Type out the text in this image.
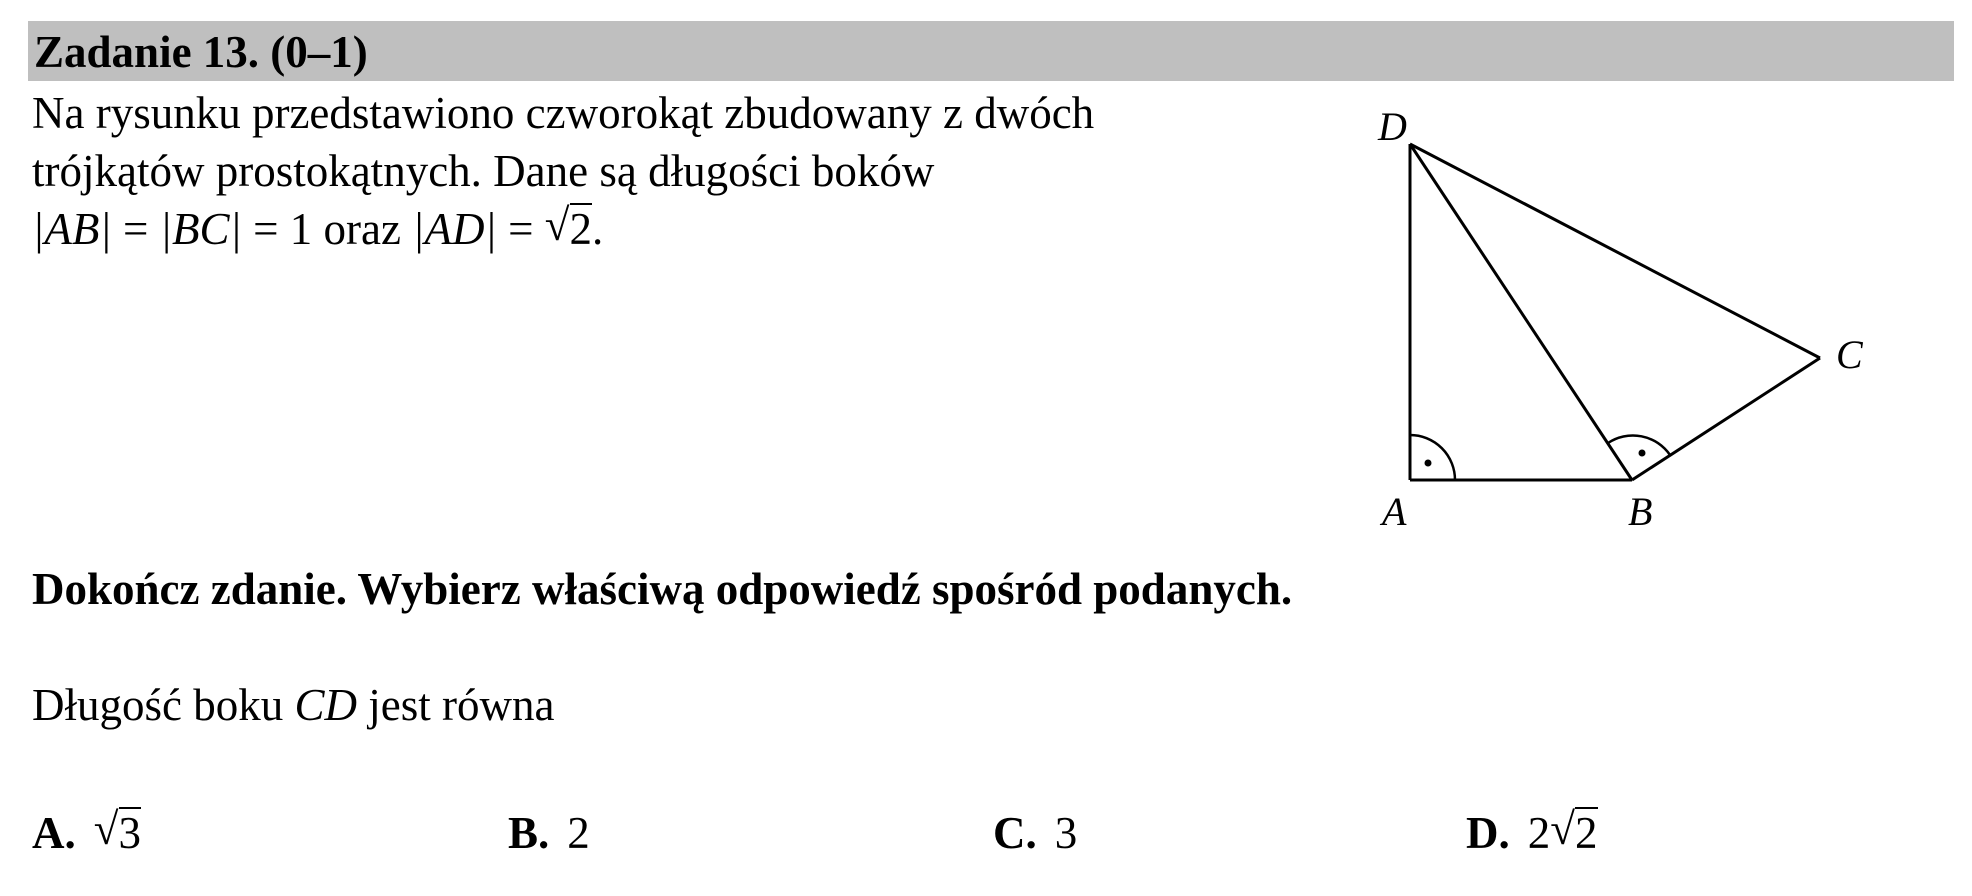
Zadanie 13. (0–1)
Na rysunku przedstawiono czworokąt zbudowany z dwóch
trójkątów prostokątnych. Dane są długości boków
|AB| = |BC| = 1 oraz |AD| = √ 2.
D
C
A	B
Dokończ zdanie. Wybierz właściwą odpowiedź spośród podanych.
Długość boku CD jest równa
A. √ 3	B. 2	C. 3	D. 2 √ 2
